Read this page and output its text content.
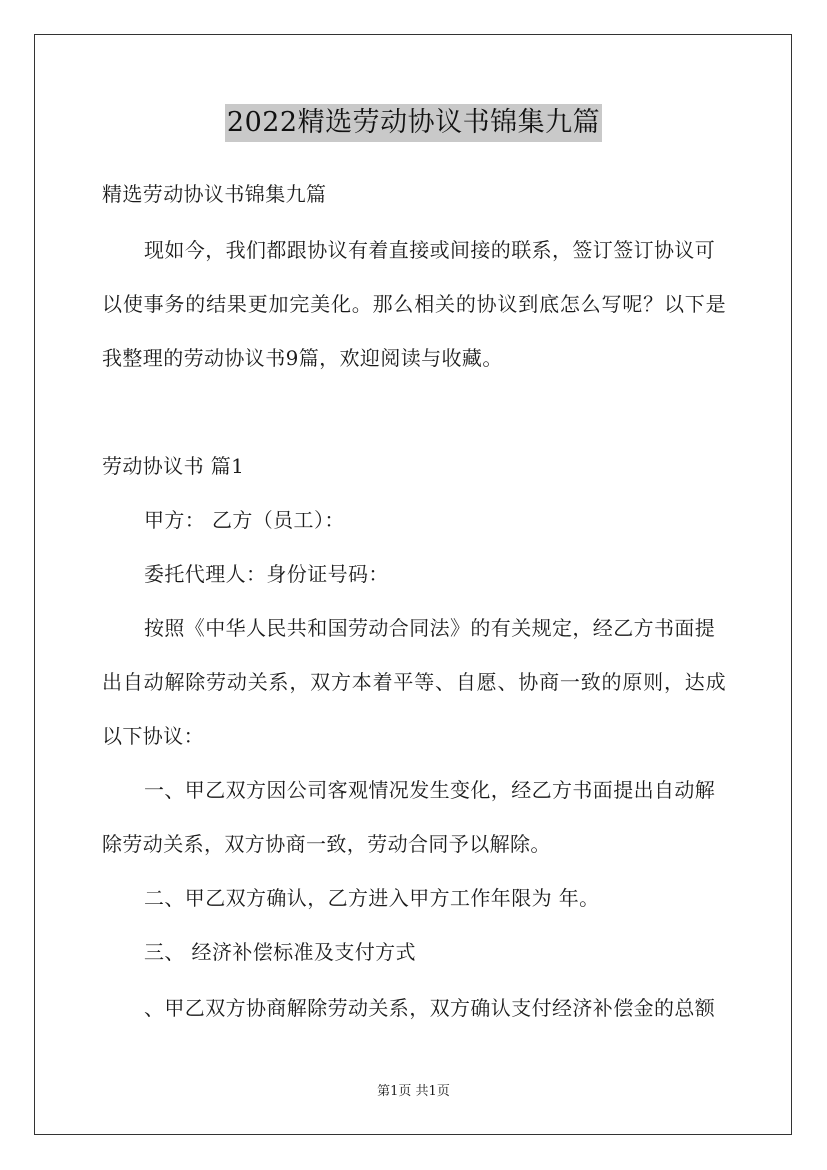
2022精选劳动协议书锦集九篇
精选劳动协议书锦集九篇
现如今，我们都跟协议有着直接或间接的联系，签订签订协议可
以使事务的结果更加完美化。那么相关的协议到底怎么写呢？以下是
我整理的劳动协议书9篇，欢迎阅读与收藏。
劳动协议书 篇1
甲方： 乙方（员工）：
委托代理人：身份证号码：
按照《中华人民共和国劳动合同法》的有关规定，经乙方书面提
出自动解除劳动关系，双方本着平等、自愿、协商一致的原则，达成
以下协议：
一、甲乙双方因公司客观情况发生变化，经乙方书面提出自动解
除劳动关系，双方协商一致，劳动合同予以解除。
二、甲乙双方确认，乙方进入甲方工作年限为 年。
三、 经济补偿标准及支付方式
、甲乙双方协商解除劳动关系，双方确认支付经济补偿金的总额
第1页 共1页
